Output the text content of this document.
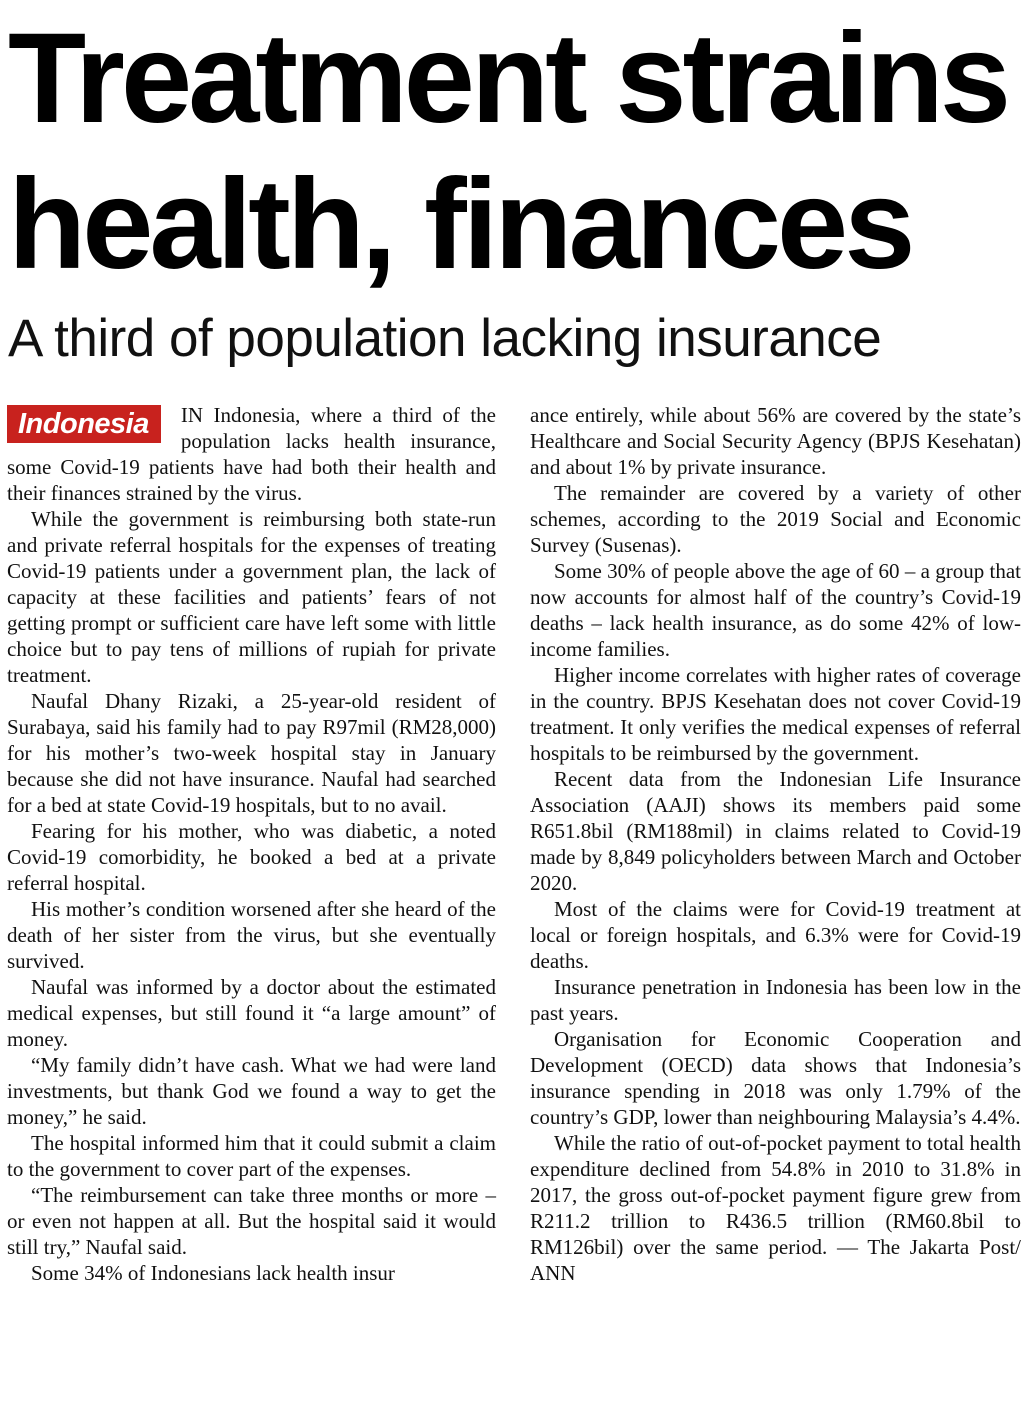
Treatment strains health, finances
A third of population lacking insurance
Indonesia	IN Indonesia, where a third of the population lacks health insurance, some Covid-19 patients have had both their health and their finances strained by the virus.

While the government is reimbursing both state-run and private referral hospitals for the expenses of treating Covid-19 patients under a government plan, the lack of capacity at these facilities and patients’ fears of not getting prompt or sufficient care have left some with little choice but to pay tens of millions of rupiah for private treatment.

Naufal Dhany Rizaki, a 25-year-old resident of Surabaya, said his family had to pay R97mil (RM28,000) for his mother’s two-week hospital stay in January because she did not have insurance. Naufal had searched for a bed at state Covid-19 hospitals, but to no avail.

Fearing for his mother, who was diabetic, a noted Covid-19 comorbidity, he booked a bed at a private referral hospital.

His mother’s condition worsened after she heard of the death of her sister from the virus, but she eventually survived.

Naufal was informed by a doctor about the estimated medical expenses, but still found it “a large amount” of money.

“My family didn’t have cash. What we had were land investments, but thank God we found a way to get the money,” he said.

The hospital informed him that it could submit a claim to the government to cover part of the expenses.

“The reimbursement can take three months or more – or even not happen at all. But the hospital said it would still try,” Naufal said.

Some 34% of Indonesians lack health insur

ance entirely, while about 56% are covered by the state’s Healthcare and Social Security Agency (BPJS Kesehatan) and about 1% by private insurance.

The remainder are covered by a variety of other schemes, according to the 2019 Social and Economic Survey (Susenas).

Some 30% of people above the age of 60 – a group that now accounts for almost half of the country’s Covid-19 deaths – lack health insurance, as do some 42% of low-income families.

Higher income correlates with higher rates of coverage in the country. BPJS Kesehatan does not cover Covid-19 treatment. It only verifies the medical expenses of referral hospitals to be reimbursed by the government.

Recent data from the Indonesian Life Insurance Association (AAJI) shows its members paid some R651.8bil (RM188mil) in claims related to Covid-19 made by 8,849 policyholders between March and October 2020.

Most of the claims were for Covid-19 treatment at local or foreign hospitals, and 6.3% were for Covid-19 deaths.

Insurance penetration in Indonesia has been low in the past years.

Organisation for Economic Cooperation and Development (OECD) data shows that Indonesia’s insurance spending in 2018 was only 1.79% of the country’s GDP, lower than neighbouring Malaysia’s 4.4%.

While the ratio of out-of-pocket payment to total health expenditure declined from 54.8% in 2010 to 31.8% in 2017, the gross out-of-pocket payment figure grew from R211.2 trillion to R436.5 trillion (RM60.8bil to RM126bil) over the same period. — The Jakarta Post/ ANN
